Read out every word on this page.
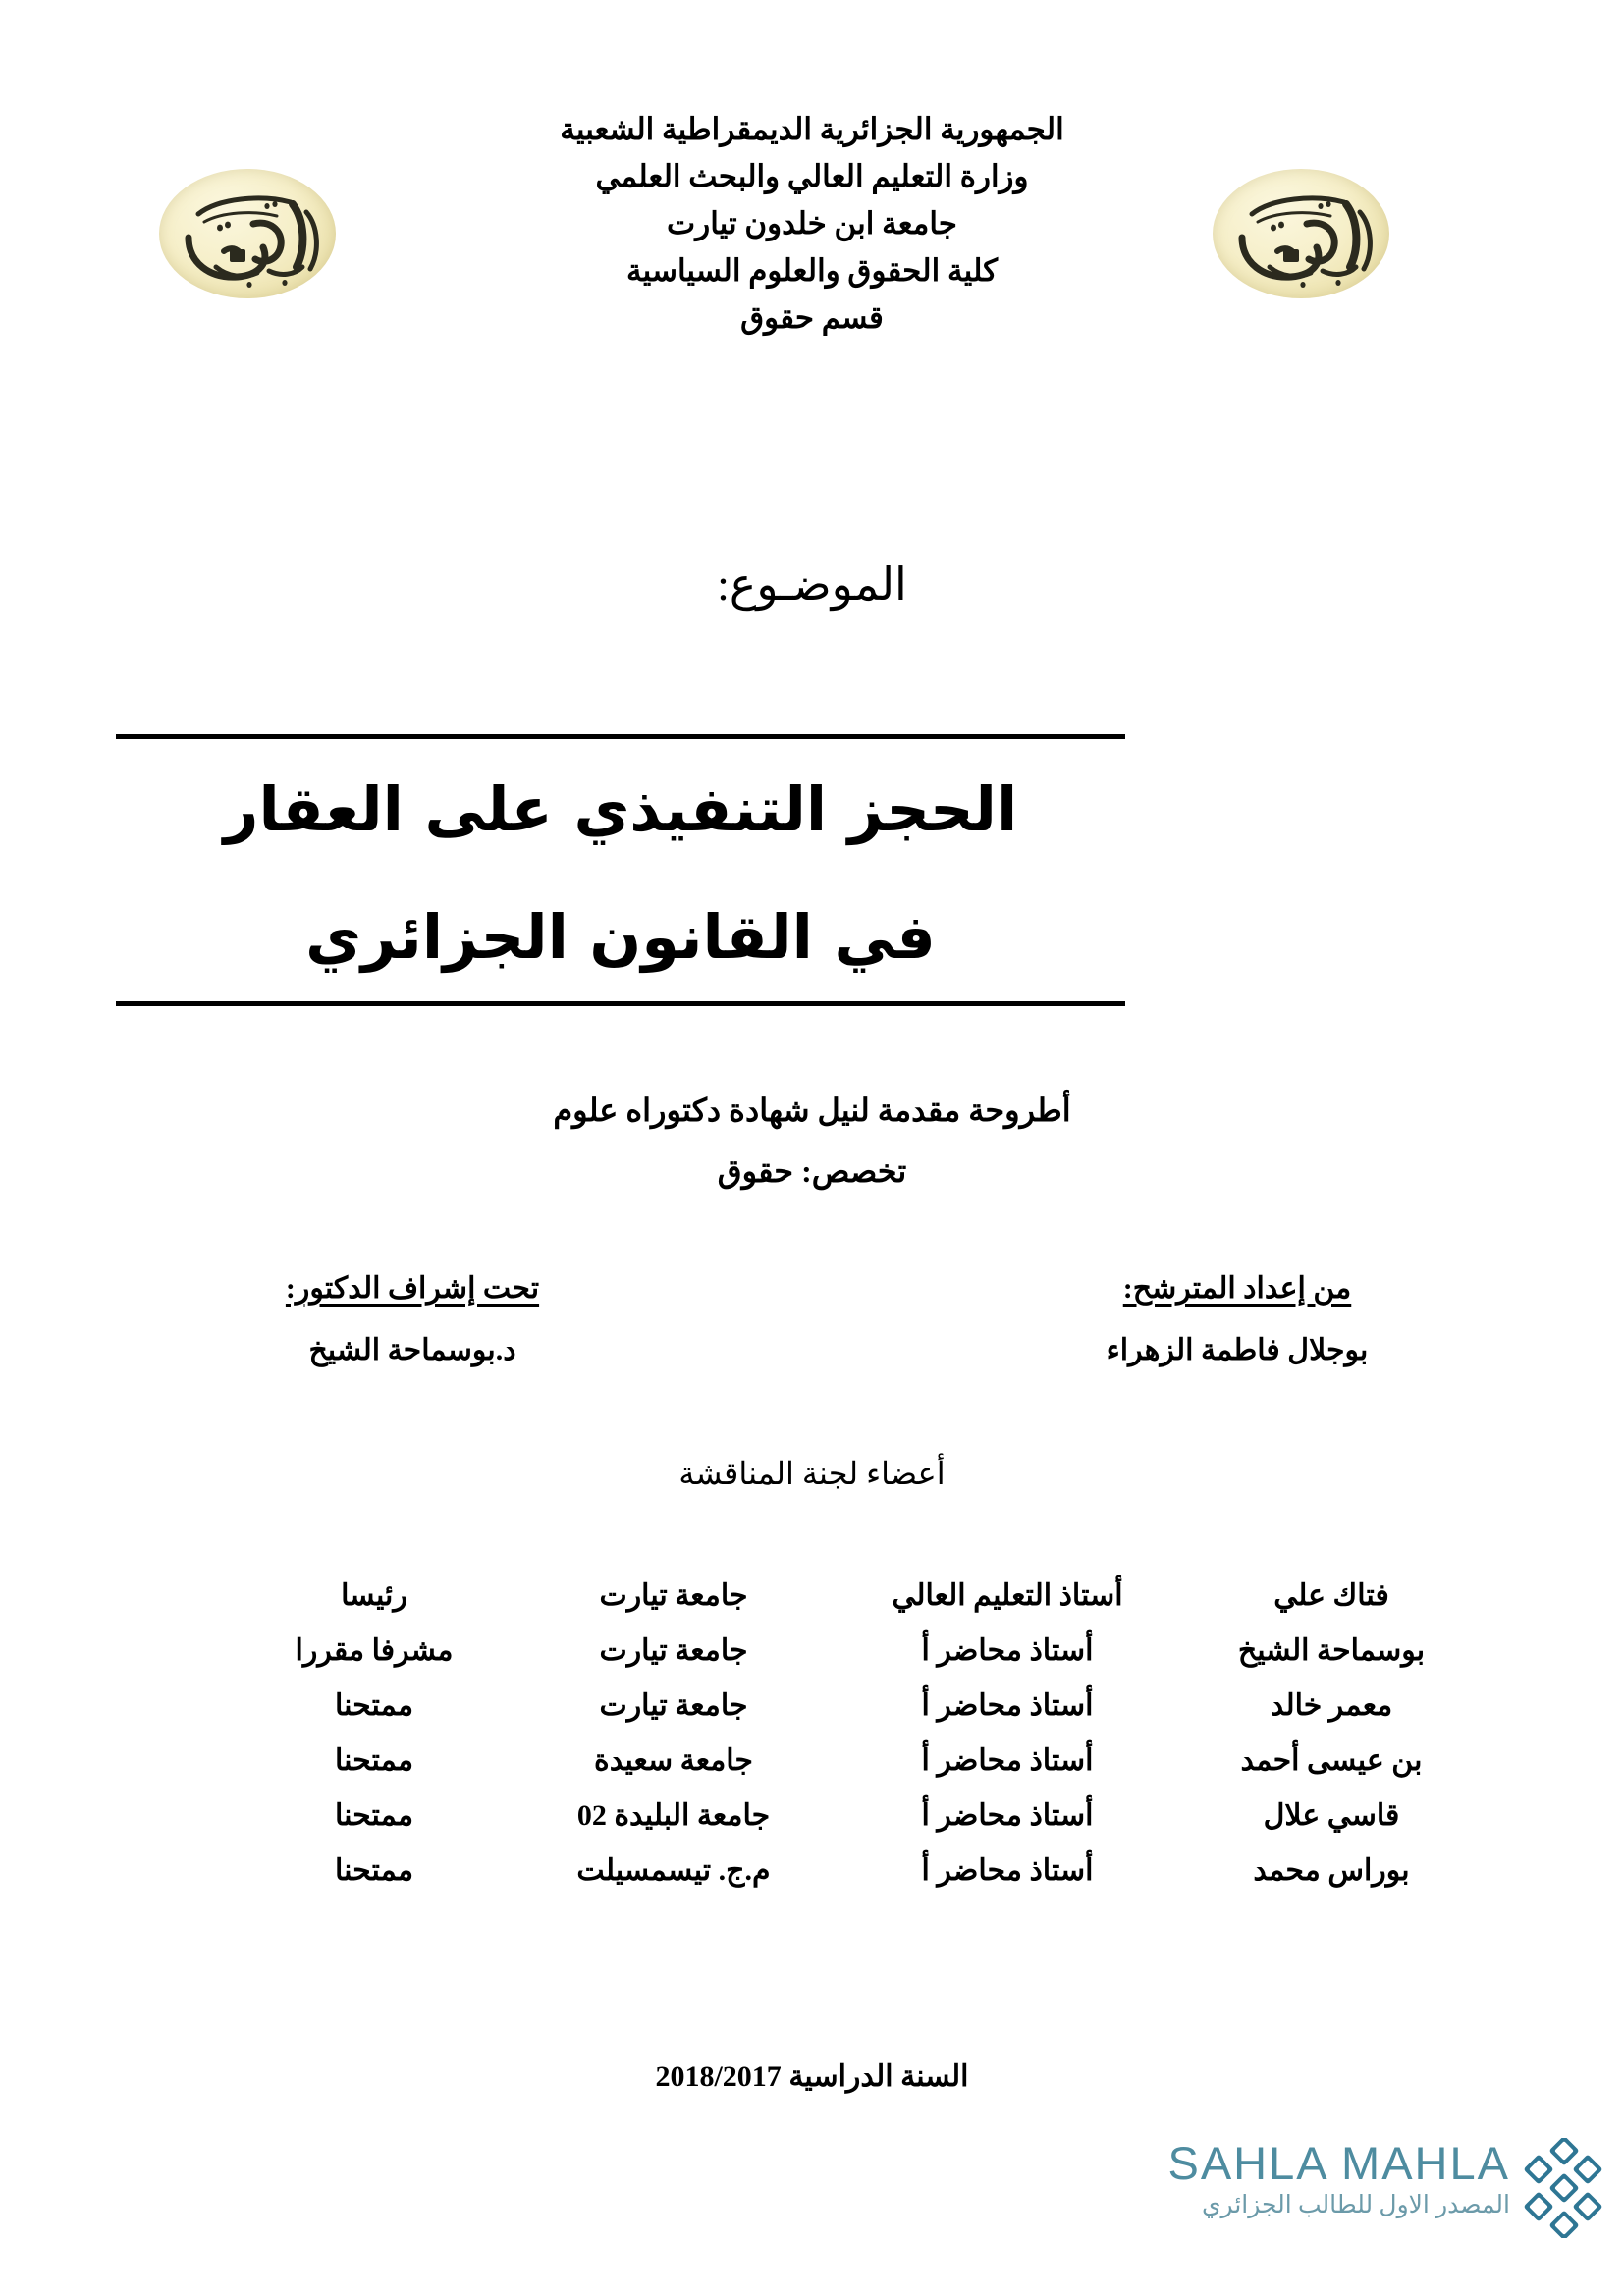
الجمهورية الجزائرية الديمقراطية الشعبية
وزارة التعليم العالي والبحث العلمي
جامعة ابن خلدون تيارت
كلية الحقوق والعلوم السياسية
قسم حقوق
الموضـوع:
الحجز التنفيذي على العقار
في القانون الجزائري
أطروحة مقدمة لنيل شهادة دكتوراه علوم
تخصص: حقوق
من إعداد المترشح:
بوجلال فاطمة الزهراء
تحت إشراف الدكتور:
د.بوسماحة الشيخ
أعضاء لجنة المناقشة
فتاك علي	أستاذ التعليم العالي	جامعة تيارت	رئيسا
بوسماحة الشيخ	أستاذ محاضر أ	جامعة تيارت	مشرفا مقررا
معمر خالد	أستاذ محاضر أ	جامعة تيارت	ممتحنا
بن عيسى أحمد	أستاذ محاضر أ	جامعة سعيدة	ممتحنا
قاسي علال	أستاذ محاضر أ	جامعة البليدة 02	ممتحنا
بوراس محمد	أستاذ محاضر أ	م.ج. تيسمسيلت	ممتحنا
السنة الدراسية 2018/2017
SAHLA MAHLA
المصدر الاول للطالب الجزائري
